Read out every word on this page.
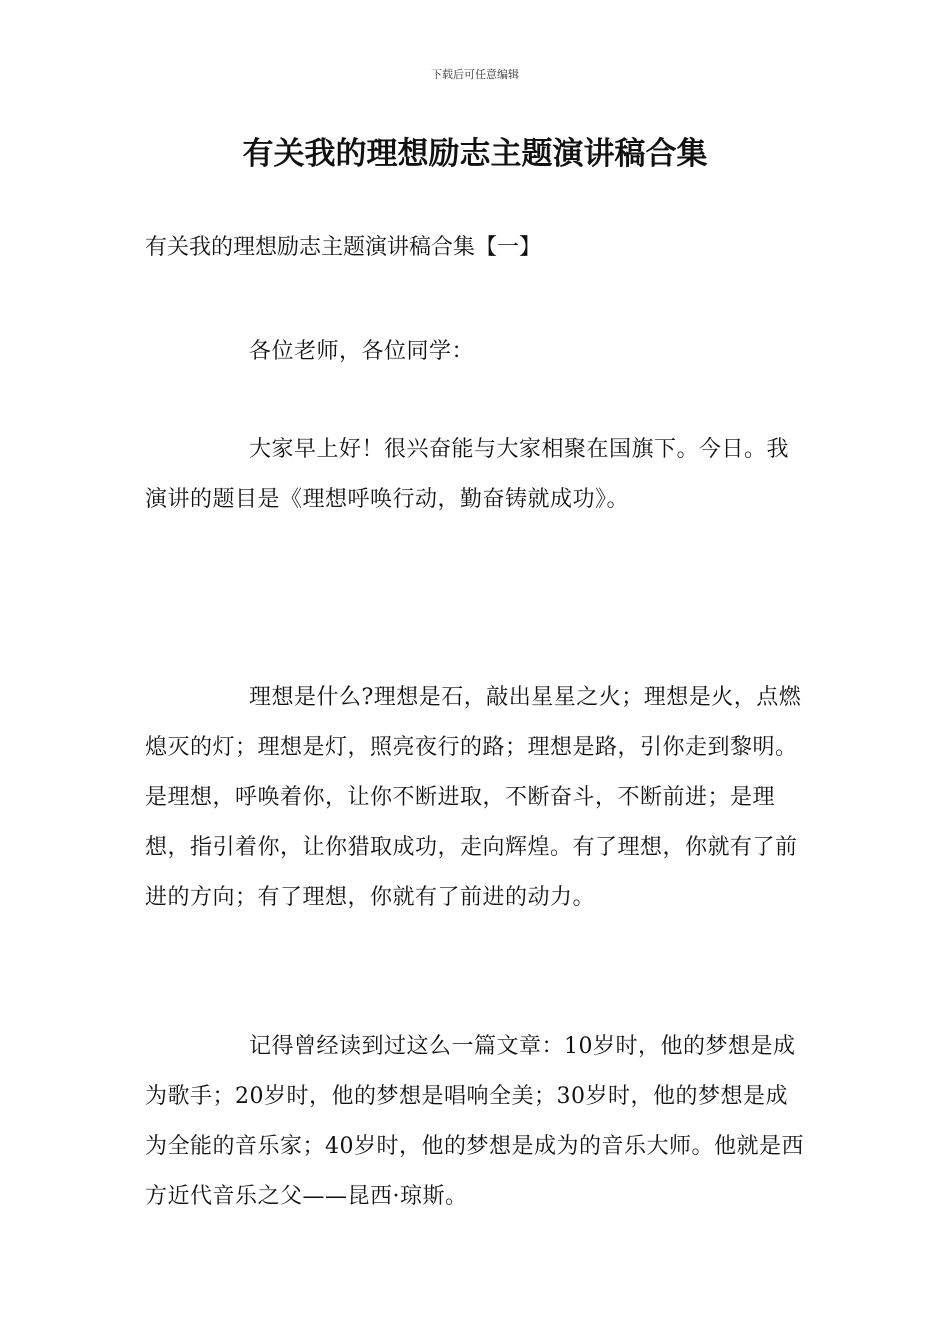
下载后可任意编辑
有关我的理想励志主题演讲稿合集

有关我的理想励志主题演讲稿合集【一】

各位老师，各位同学：

大家早上好！很兴奋能与大家相聚在国旗下。今日。我演讲的题目是《理想呼唤行动，勤奋铸就成功》。

理想是什么?理想是石，敲出星星之火；理想是火，点燃熄灭的灯；理想是灯，照亮夜行的路；理想是路，引你走到黎明。是理想，呼唤着你，让你不断进取，不断奋斗，不断前进；是理想，指引着你，让你猎取成功，走向辉煌。有了理想，你就有了前进的方向；有了理想，你就有了前进的动力。

记得曾经读到过这么一篇文章：10岁时，他的梦想是成为歌手；20岁时，他的梦想是唱响全美；30岁时，他的梦想是成为全能的音乐家；40岁时，他的梦想是成为的音乐大师。他就是西方近代音乐之父——昆西·琼斯。
